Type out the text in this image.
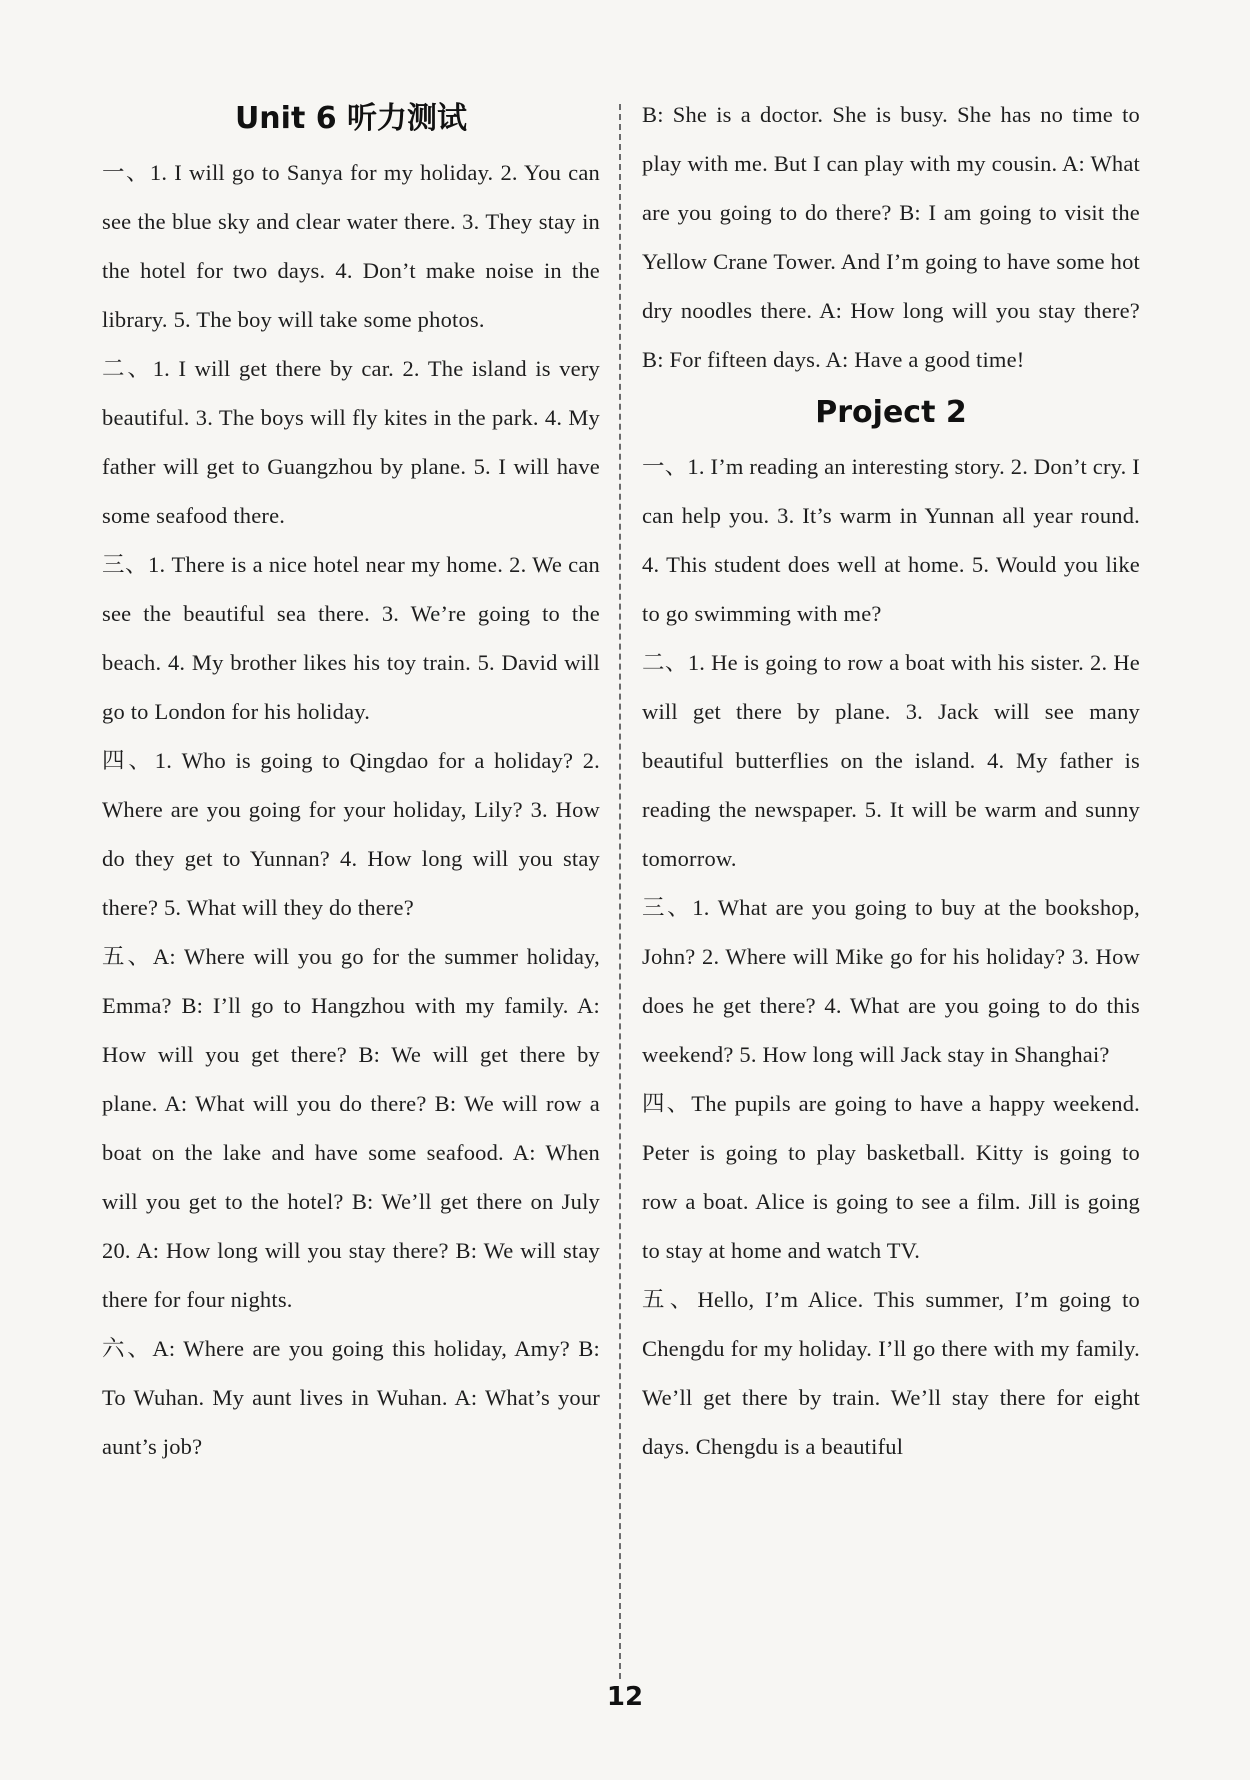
Unit 6 听力测试

一、1. I will go to Sanya for my holiday. 2. You can see the blue sky and clear water there. 3. They stay in the hotel for two days. 4. Don’t make noise in the library. 5. The boy will take some photos.

二、1. I will get there by car. 2. The island is very beautiful. 3. The boys will fly kites in the park. 4. My father will get to Guangzhou by plane. 5. I will have some seafood there.

三、1. There is a nice hotel near my home. 2. We can see the beautiful sea there. 3. We’re going to the beach. 4. My brother likes his toy train. 5. David will go to London for his holiday.

四、1. Who is going to Qingdao for a holiday? 2. Where are you going for your holiday, Lily? 3. How do they get to Yunnan? 4. How long will you stay there? 5. What will they do there?

五、A: Where will you go for the summer holiday, Emma? B: I’ll go to Hangzhou with my family. A: How will you get there? B: We will get there by plane. A: What will you do there? B: We will row a boat on the lake and have some seafood. A: When will you get to the hotel? B: We’ll get there on July 20. A: How long will you stay there? B: We will stay there for four nights.

六、A: Where are you going this holiday, Amy? B: To Wuhan. My aunt lives in Wuhan. A: What’s your aunt’s job?

B: She is a doctor. She is busy. She has no time to play with me. But I can play with my cousin. A: What are you going to do there? B: I am going to visit the Yellow Crane Tower. And I’m going to have some hot dry noodles there. A: How long will you stay there? B: For fifteen days. A: Have a good time!

Project 2

一、1. I’m reading an interesting story. 2. Don’t cry. I can help you. 3. It’s warm in Yunnan all year round. 4. This student does well at home. 5. Would you like to go swimming with me?

二、1. He is going to row a boat with his sister. 2. He will get there by plane. 3. Jack will see many beautiful butterflies on the island. 4. My father is reading the newspaper. 5. It will be warm and sunny tomorrow.

三、1. What are you going to buy at the bookshop, John? 2. Where will Mike go for his holiday? 3. How does he get there? 4. What are you going to do this weekend? 5. How long will Jack stay in Shanghai?

四、The pupils are going to have a happy weekend. Peter is going to play basketball. Kitty is going to row a boat. Alice is going to see a film. Jill is going to stay at home and watch TV.

五、Hello, I’m Alice. This summer, I’m going to Chengdu for my holiday. I’ll go there with my family. We’ll get there by train. We’ll stay there for eight days. Chengdu is a beautiful

12
